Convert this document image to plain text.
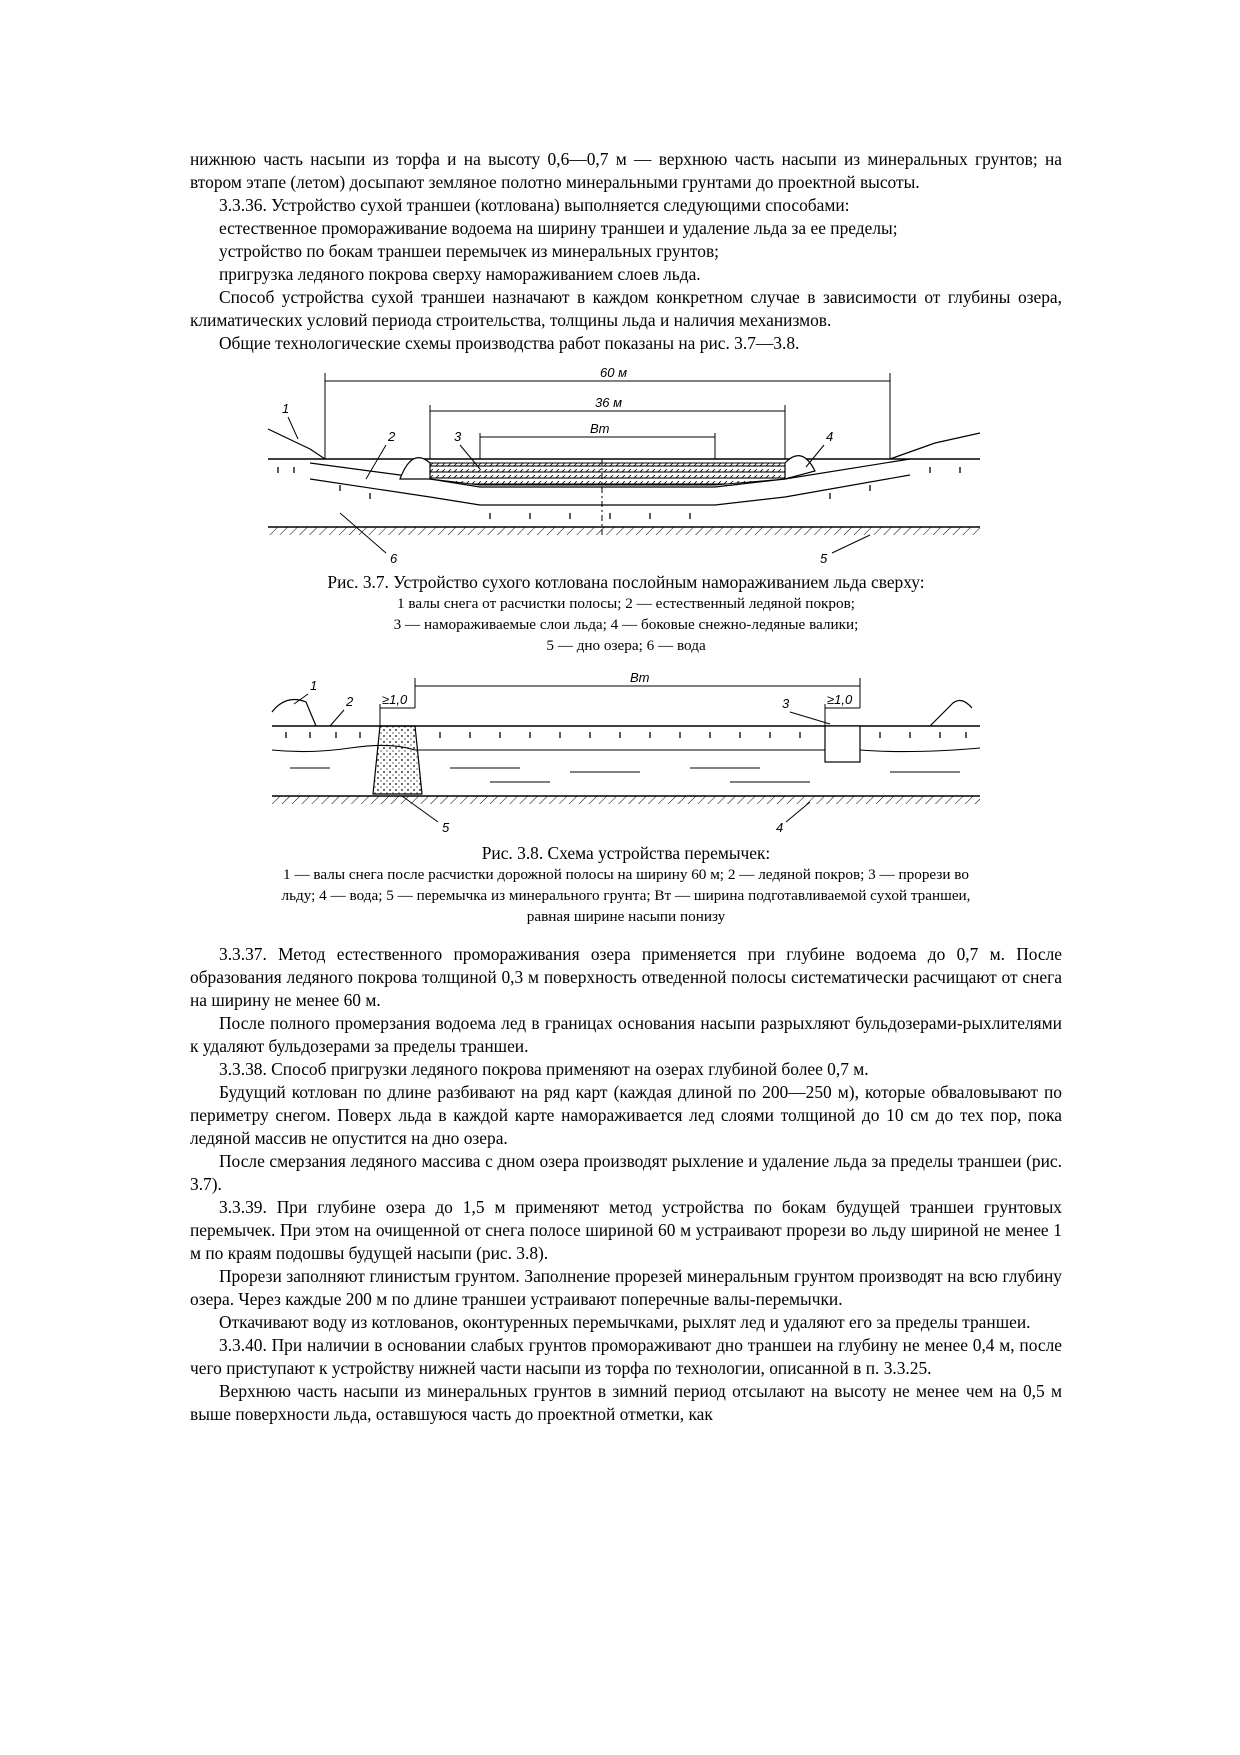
нижнюю часть насыпи из торфа и на высоту 0,6—0,7 м — верхнюю часть насыпи из минеральных грунтов; на втором этапе (летом) досыпают земляное полотно минеральными грунтами до проектной высоты.

3.3.36. Устройство сухой траншеи (котлована) выполняется следующими способами:

естественное промораживание водоема на ширину траншеи и удаление льда за ее пределы;

устройство по бокам траншеи перемычек из минеральных грунтов;

пригрузка ледяного покрова сверху намораживанием слоев льда.

Способ устройства сухой траншеи назначают в каждом конкретном случае в зависимости от глубины озера, климатических условий периода строительства, толщины льда и наличия механизмов.

Общие технологические схемы производства работ показаны на рис. 3.7—3.8.

60 м
36 м
Bт
1
2	3	4
5
6
Рис. 3.7. Устройство сухого котлована послойным намораживанием льда сверху:
1 валы снега от расчистки полосы; 2 — естественный ледяной покров;
3 — намораживаемые слои льда; 4 — боковые снежно-ледяные валики;
5 — дно озера; 6 — вода
Bт
≥1,0	≥1,0
1
2	3
4
5
Рис. 3.8. Схема устройства перемычек:
1 — валы снега после расчистки дорожной полосы на ширину 60 м; 2 — ледяной покров; 3 — прорези во
льду; 4 — вода; 5 — перемычка из минерального грунта; Вт — ширина подготавливаемой сухой траншеи,
равная ширине насыпи понизу

3.3.37. Метод естественного промораживания озера применяется при глубине водоема до 0,7 м. После образования ледяного покрова толщиной 0,3 м поверхность отведенной полосы систематически расчищают от снега на ширину не менее 60 м.

После полного промерзания водоема лед в границах основания насыпи разрыхляют бульдозерами-рыхлителями к удаляют бульдозерами за пределы траншеи.

3.3.38. Способ пригрузки ледяного покрова применяют на озерах глубиной более 0,7 м.

Будущий котлован по длине разбивают на ряд карт (каждая длиной по 200—250 м), которые обваловывают по периметру снегом. Поверх льда в каждой карте намораживается лед слоями толщиной до 10 см до тех пор, пока ледяной массив не опустится на дно озера.

После смерзания ледяного массива с дном озера производят рыхление и удаление льда за пределы траншеи (рис. 3.7).

3.3.39. При глубине озера до 1,5 м применяют метод устройства по бокам будущей траншеи грунтовых перемычек. При этом на очищенной от снега полосе шириной 60 м устраивают прорези во льду шириной не менее 1 м по краям подошвы будущей насыпи (рис. 3.8).

Прорези заполняют глинистым грунтом. Заполнение прорезей минеральным грунтом производят на всю глубину озера. Через каждые 200 м по длине траншеи устраивают поперечные валы-перемычки.

Откачивают воду из котлованов, оконтуренных перемычками, рыхлят лед и удаляют его за пределы траншеи.

3.3.40. При наличии в основании слабых грунтов промораживают дно траншеи на глубину не менее 0,4 м, после чего приступают к устройству нижней части насыпи из торфа по технологии, описанной в п. 3.3.25.

Верхнюю часть насыпи из минеральных грунтов в зимний период отсылают на высоту не менее чем на 0,5 м выше поверхности льда, оставшуюся часть до проектной отметки, как
